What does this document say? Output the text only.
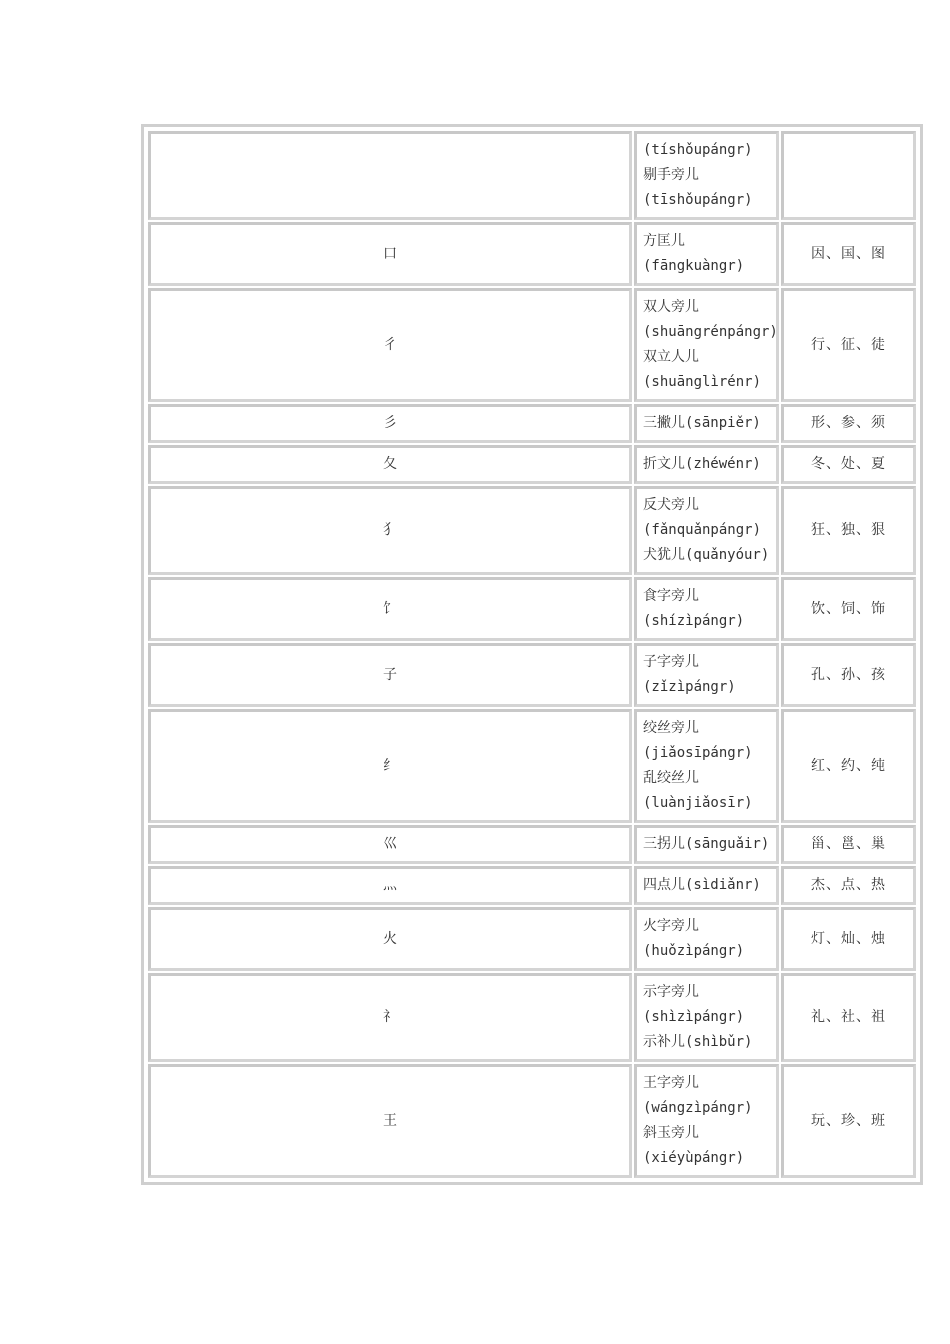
	(tíshǒupángr)
剔手旁儿
(tīshǒupángr)	

口	方匡儿
(fāngkuàngr)	因、国、图
彳	双人旁儿
(shuāngrénpángr)
双立人儿
(shuānglìrénr)	行、征、徒
彡	三撇儿(sānpiěr)	形、参、须
夂	折文儿(zhéwénr)	冬、处、夏
犭	反犬旁儿
(fǎnquǎnpángr)
犬犹儿(quǎnyóur)	狂、独、狠
饣	食字旁儿
(shízìpángr)	饮、饲、饰
子	子字旁儿
(zǐzìpángr)	孔、孙、孩
纟	绞丝旁儿
(jiǎosīpángr)
乱绞丝儿
(luànjiǎosīr)	红、约、纯
巛	三拐儿(sānguǎir)	甾、邕、巢
灬	四点儿(sìdiǎnr)	杰、点、热
火	火字旁儿
(huǒzìpángr)	灯、灿、烛
礻	示字旁儿
(shìzìpángr)
示补儿(shìbǔr)	礼、社、祖
王	王字旁儿
(wángzìpángr)
斜玉旁儿
(xiéyùpángr)	玩、珍、班
